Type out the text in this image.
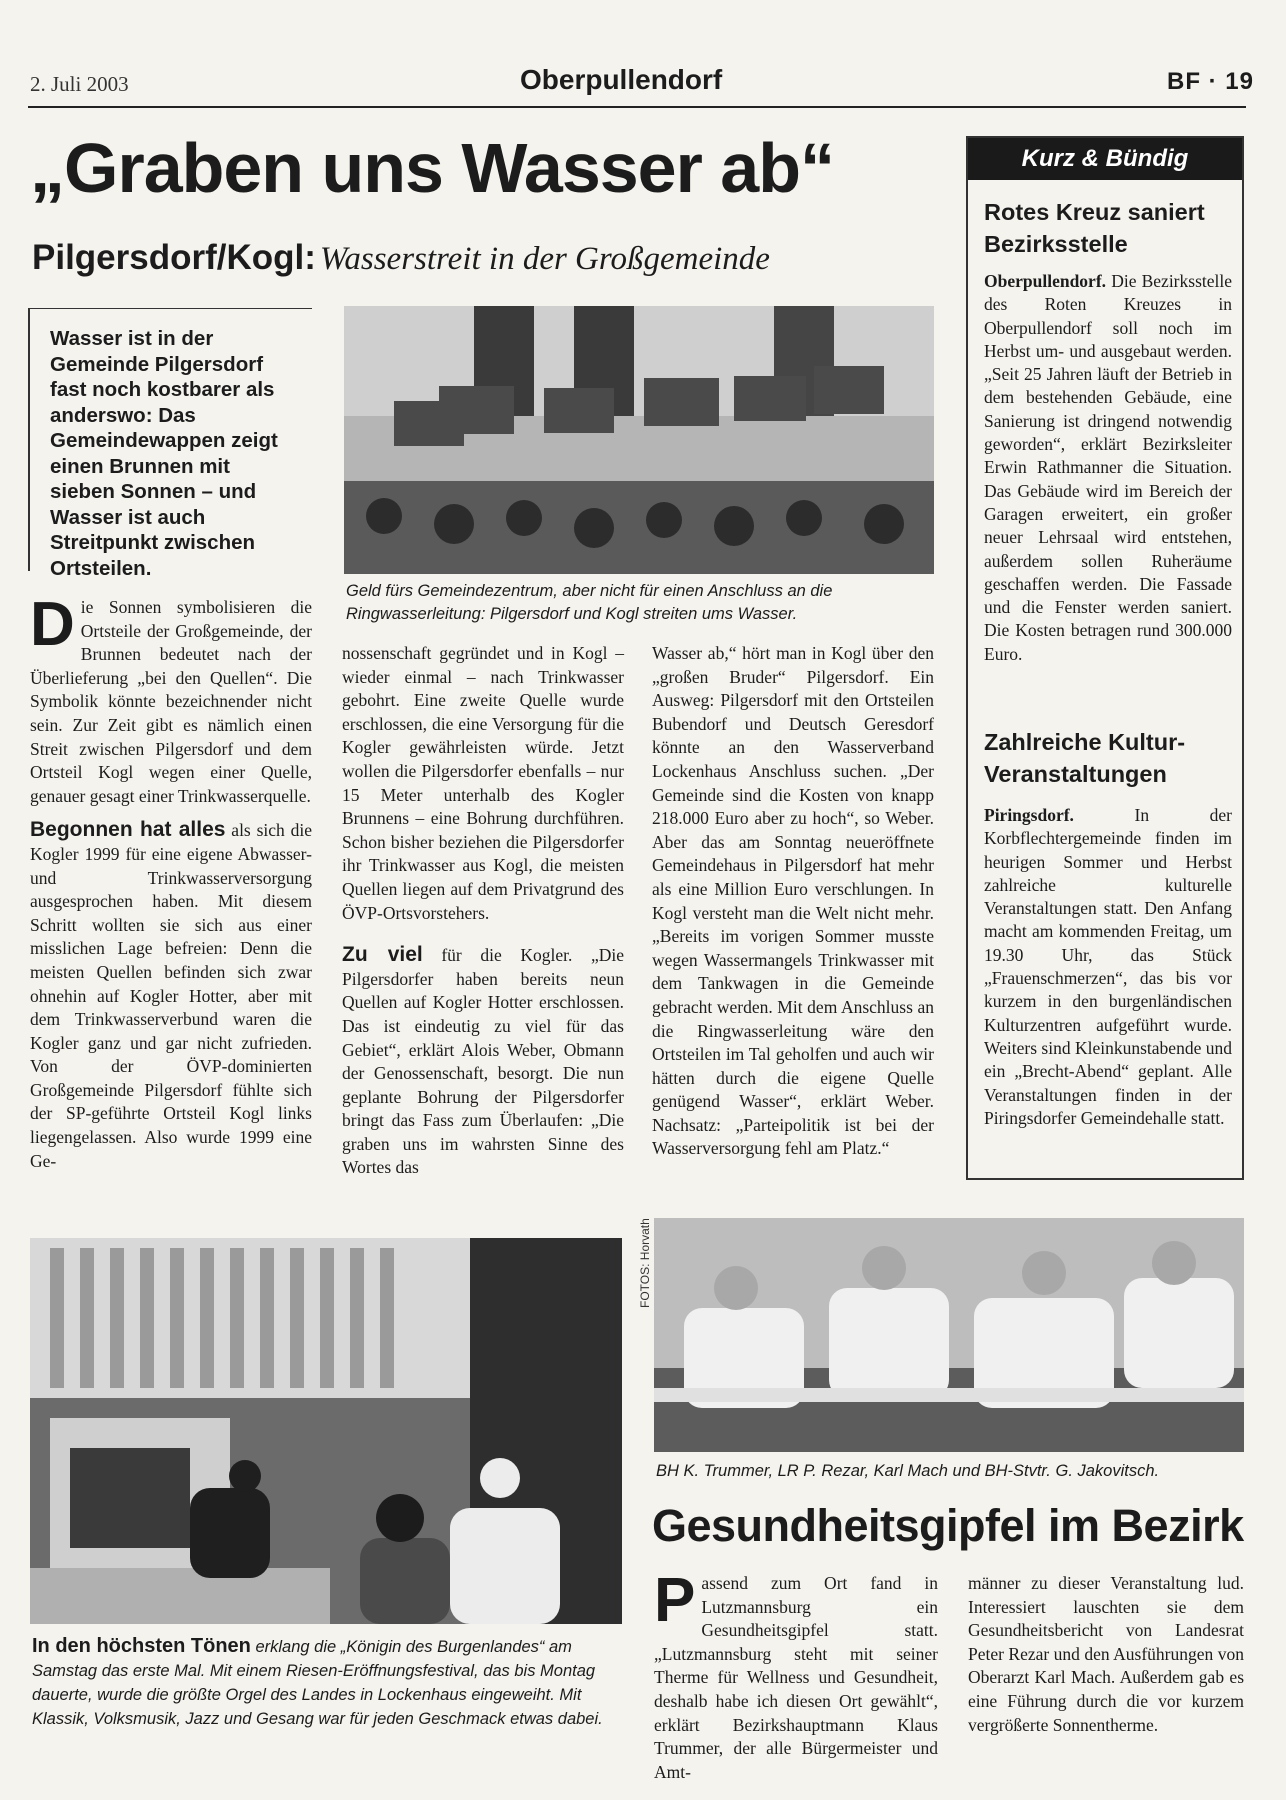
2. Juli 2003	Oberpullendorf	BF · 19
„Graben uns Wasser ab“
Pilgersdorf/Kogl: Wasserstreit in der Großgemeinde
Wasser ist in der Gemeinde Pilgersdorf fast noch kostbarer als anderswo: Das Gemeindewappen zeigt einen Brunnen mit sieben Sonnen – und Wasser ist auch Streitpunkt zwischen Ortsteilen.
Geld fürs Gemeindezentrum, aber nicht für einen Anschluss an die Ringwasserleitung: Pilgersdorf und Kogl streiten ums Wasser.
D ie Sonnen symbolisieren die Ortsteile der Großgemeinde, der Brunnen bedeutet nach der Überlieferung „bei den Quellen“. Die Symbolik könnte bezeichnender nicht sein. Zur Zeit gibt es nämlich einen Streit zwischen Pilgersdorf und dem Ortsteil Kogl wegen einer Quelle, genauer gesagt einer Trinkwasserquelle.

Begonnen hat alles als sich die Kogler 1999 für eine eigene Abwasser- und Trinkwasserversorgung ausgesprochen haben. Mit diesem Schritt wollten sie sich aus einer misslichen Lage befreien: Denn die meisten Quellen befinden sich zwar ohnehin auf Kogler Hotter, aber mit dem Trinkwasserverbund waren die Kogler ganz und gar nicht zufrieden. Von der ÖVP-dominierten Großgemeinde Pilgersdorf fühlte sich der SP-geführte Ortsteil Kogl links liegengelassen. Also wurde 1999 eine Ge-

nossenschaft gegründet und in Kogl – wieder einmal – nach Trinkwasser gebohrt. Eine zweite Quelle wurde erschlossen, die eine Versorgung für die Kogler gewährleisten würde. Jetzt wollen die Pilgersdorfer ebenfalls – nur 15 Meter unterhalb des Kogler Brunnens – eine Bohrung durchführen. Schon bisher beziehen die Pilgersdorfer ihr Trinkwasser aus Kogl, die meisten Quellen liegen auf dem Privatgrund des ÖVP-Ortsvorstehers.

Zu viel für die Kogler. „Die Pilgersdorfer haben bereits neun Quellen auf Kogler Hotter erschlossen. Das ist eindeutig zu viel für das Gebiet“, erklärt Alois Weber, Obmann der Genossenschaft, besorgt. Die nun geplante Bohrung der Pilgersdorfer bringt das Fass zum Überlaufen: „Die graben uns im wahrsten Sinne des Wortes das

Wasser ab,“ hört man in Kogl über den „großen Bruder“ Pilgersdorf. Ein Ausweg: Pilgersdorf mit den Ortsteilen Bubendorf und Deutsch Geresdorf könnte an den Wasserverband Lockenhaus Anschluss suchen. „Der Gemeinde sind die Kosten von knapp 218.000 Euro aber zu hoch“, so Weber. Aber das am Sonntag neueröffnete Gemeindehaus in Pilgersdorf hat mehr als eine Million Euro verschlungen. In Kogl versteht man die Welt nicht mehr. „Bereits im vorigen Sommer musste wegen Wassermangels Trinkwasser mit dem Tankwagen in die Gemeinde gebracht werden. Mit dem Anschluss an die Ringwasserleitung wäre den Ortsteilen im Tal geholfen und auch wir hätten durch die eigene Quelle genügend Wasser“, erklärt Weber. Nachsatz: „Parteipolitik ist bei der Wasserversorgung fehl am Platz.“

Kurz & Bündig
Rotes Kreuz saniert Bezirksstelle
Oberpullendorf. Die Bezirksstelle des Roten Kreuzes in Oberpullendorf soll noch im Herbst um- und ausgebaut werden. „Seit 25 Jahren läuft der Betrieb in dem bestehenden Gebäude, eine Sanierung ist dringend notwendig geworden“, erklärt Bezirksleiter Erwin Rathmanner die Situation. Das Gebäude wird im Bereich der Garagen erweitert, ein großer neuer Lehrsaal wird entstehen, außerdem sollen Ruheräume geschaffen werden. Die Fassade und die Fenster werden saniert. Die Kosten betragen rund 300.000 Euro.
Zahlreiche Kultur-Veranstaltungen
Piringsdorf. In der Korbflechtergemeinde finden im heurigen Sommer und Herbst zahlreiche kulturelle Veranstaltungen statt. Den Anfang macht am kommenden Freitag, um 19.30 Uhr, das Stück „Frauenschmerzen“, das bis vor kurzem in den burgenländischen Kulturzentren aufgeführt wurde. Weiters sind Kleinkunstabende und ein „Brecht-Abend“ geplant. Alle Veranstaltungen finden in der Piringsdorfer Gemeindehalle statt.
FOTOS: Horvath
In den höchsten Tönen erklang die „Königin des Burgenlandes“ am Samstag das erste Mal. Mit einem Riesen-Eröffnungsfestival, das bis Montag dauerte, wurde die größte Orgel des Landes in Lockenhaus eingeweiht. Mit Klassik, Volksmusik, Jazz und Gesang war für jeden Geschmack etwas dabei.
BH K. Trummer, LR P. Rezar, Karl Mach und BH-Stvtr. G. Jakovitsch.
Gesundheitsgipfel im Bezirk
P assend zum Ort fand in Lutzmannsburg ein Gesundheitsgipfel statt. „Lutzmannsburg steht mit seiner Therme für Wellness und Gesundheit, deshalb habe ich diesen Ort gewählt“, erklärt Bezirkshauptmann Klaus Trummer, der alle Bürgermeister und Amt-
männer zu dieser Veranstaltung lud. Interessiert lauschten sie dem Gesundheitsbericht von Landesrat Peter Rezar und den Ausführungen von Oberarzt Karl Mach. Außerdem gab es eine Führung durch die vor kurzem vergrößerte Sonnentherme.
